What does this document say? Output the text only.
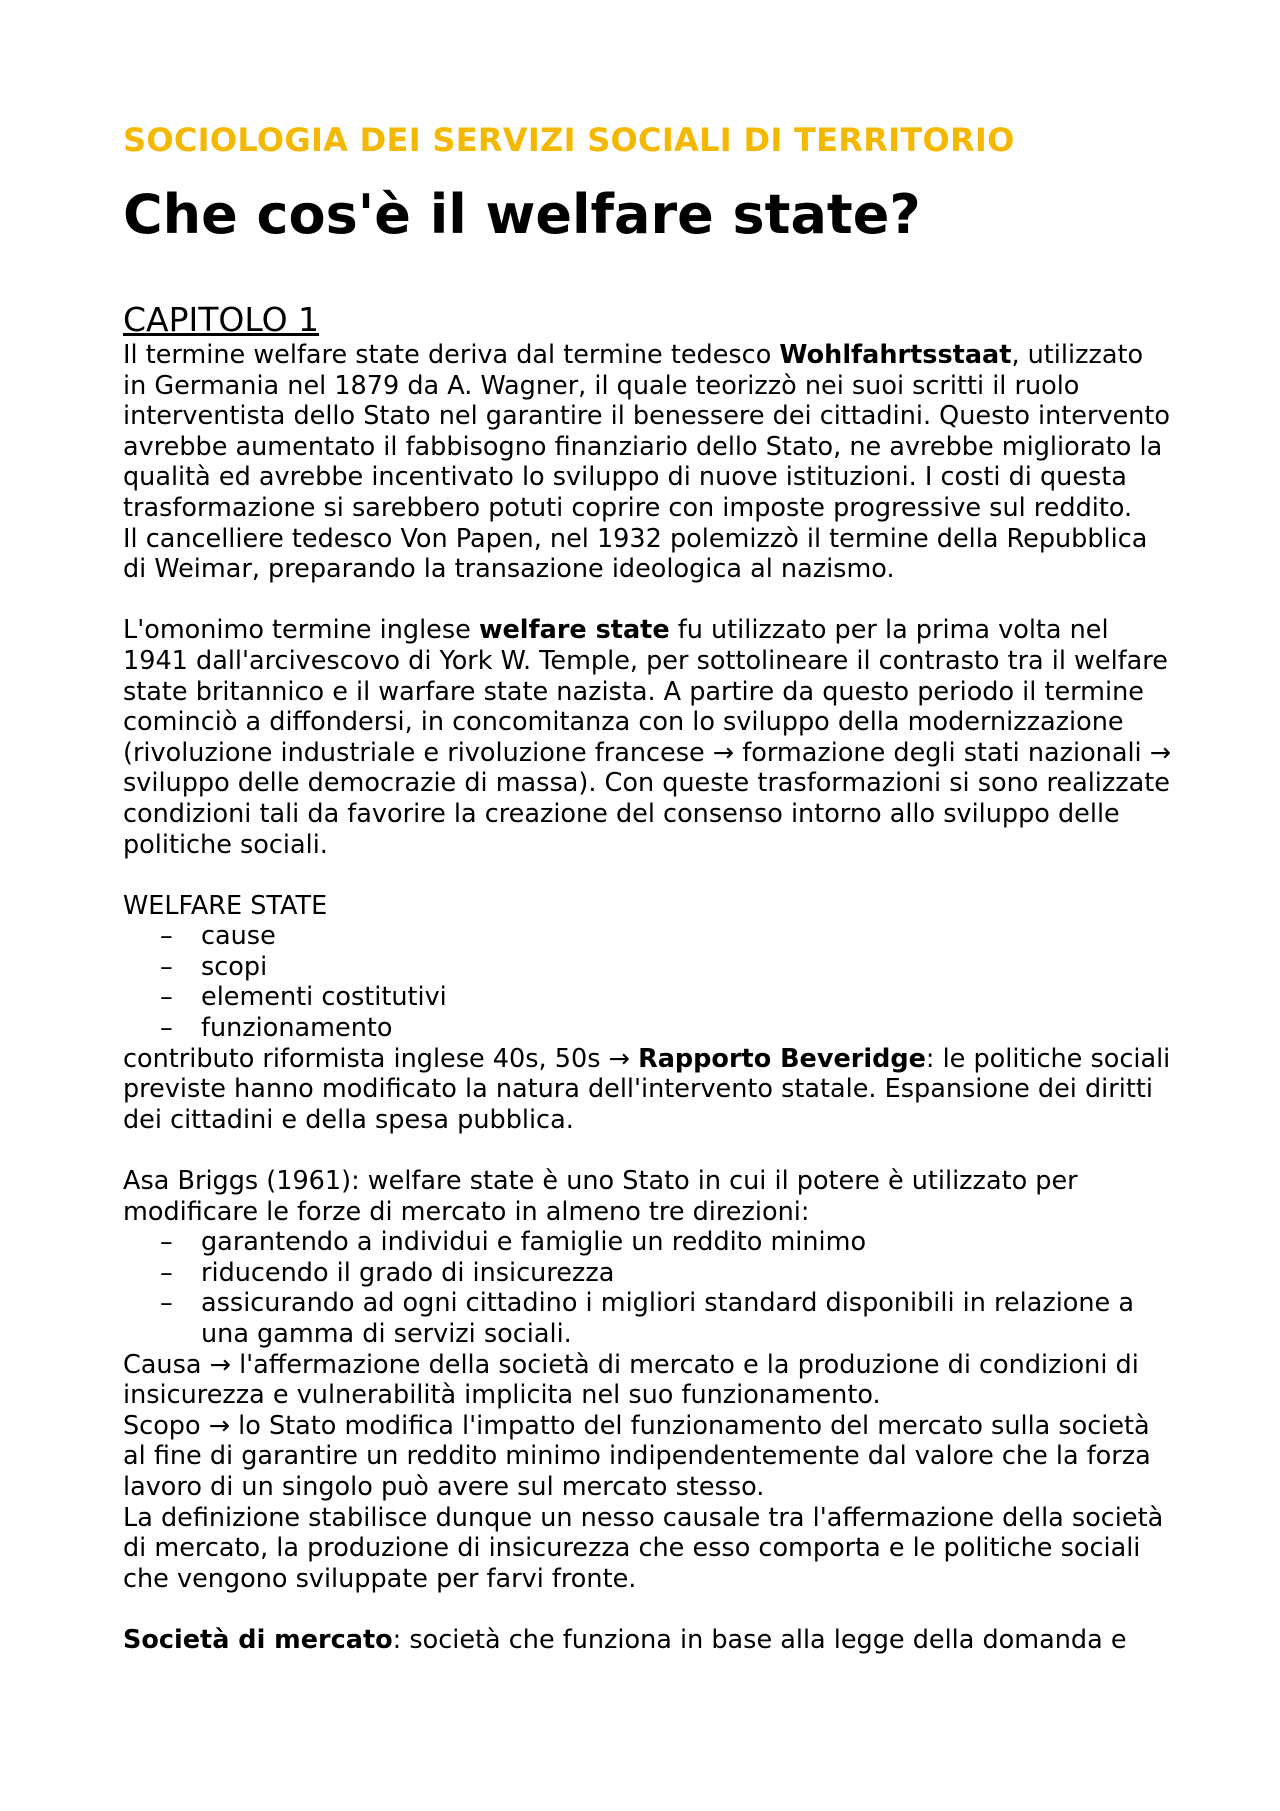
SOCIOLOGIA DEI SERVIZI SOCIALI DI TERRITORIO
Che cos'è il welfare state?
CAPITOLO 1

Il termine welfare state deriva dal termine tedesco Wohlfahrtsstaat, utilizzato in Germania nel 1879 da A. Wagner, il quale teorizzò nei suoi scritti il ruolo interventista dello Stato nel garantire il benessere dei cittadini. Questo intervento avrebbe aumentato il fabbisogno finanziario dello Stato, ne avrebbe migliorato la qualità ed avrebbe incentivato lo sviluppo di nuove istituzioni. I costi di questa trasformazione si sarebbero potuti coprire con imposte progressive sul reddito.

Il cancelliere tedesco Von Papen, nel 1932 polemizzò il termine della Repubblica di Weimar, preparando la transazione ideologica al nazismo.

L'omonimo termine inglese welfare state fu utilizzato per la prima volta nel 1941 dall'arcivescovo di York W. Temple, per sottolineare il contrasto tra il welfare state britannico e il warfare state nazista. A partire da questo periodo il termine cominciò a diffondersi, in concomitanza con lo sviluppo della modernizzazione (rivoluzione industriale e rivoluzione francese → formazione degli stati nazionali → sviluppo delle democrazie di massa). Con queste trasformazioni si sono realizzate condizioni tali da favorire la creazione del consenso intorno allo sviluppo delle politiche sociali.

WELFARE STATE

– cause
– scopi
– elementi costitutivi
– funzionamento

contributo riformista inglese 40s, 50s → Rapporto Beveridge: le politiche sociali previste hanno modificato la natura dell'intervento statale. Espansione dei diritti dei cittadini e della spesa pubblica.

Asa Briggs (1961): welfare state è uno Stato in cui il potere è utilizzato per modificare le forze di mercato in almeno tre direzioni:

– garantendo a individui e famiglie un reddito minimo
– riducendo il grado di insicurezza
– assicurando ad ogni cittadino i migliori standard disponibili in relazione a una gamma di servizi sociali.

Causa → l'affermazione della società di mercato e la produzione di condizioni di insicurezza e vulnerabilità implicita nel suo funzionamento.

Scopo → lo Stato modifica l'impatto del funzionamento del mercato sulla società al fine di garantire un reddito minimo indipendentemente dal valore che la forza lavoro di un singolo può avere sul mercato stesso.

La definizione stabilisce dunque un nesso causale tra l'affermazione della società di mercato, la produzione di insicurezza che esso comporta e le politiche sociali che vengono sviluppate per farvi fronte.

Società di mercato: società che funziona in base alla legge della domanda e
